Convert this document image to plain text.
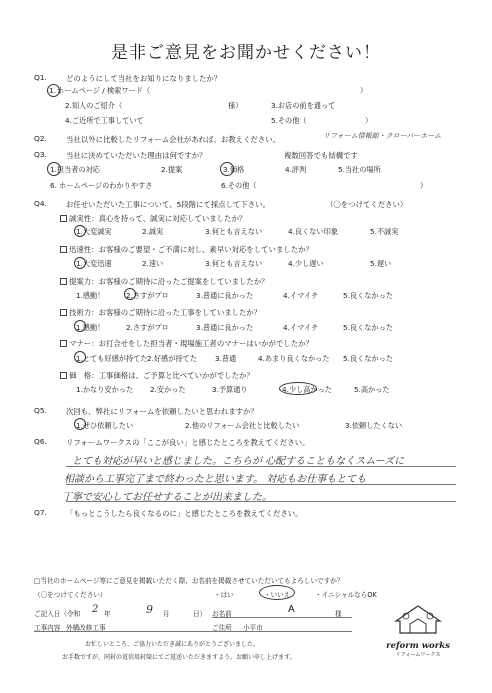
是非ご意見をお聞かせください！
Q1.	どのようにして当社をお知りになりましたか？
1. ホームページ / 検索ワード（	）
2.知人のご紹介（	様）	3.お店の前を通って
4.ご近所で工事していて	5.その他（	）
Q2.	当社以外に比較したリフォーム会社があれば、お教えください。	リフォーム情報館・クローバーホーム
Q3.	当社に決めていただいた理由は何ですか？	複数回答でも結構です
1.担当者の対応	2.提案	3.価格	4.評判	5.当社の場所
6. ホームページのわかりやすさ	6.その他（	）
Q4.	お任せいただいた工事について、5段階にて採点して下さい。	（〇をつけてください）
誠実性：真心を持って、誠実に対応していましたか？
1.大変誠実	2.誠実	3.何とも言えない	4.良くない印象	5.不誠実
迅速性：お客様のご要望・ご不満に対し、素早い対応をしていましたか？
1.大変迅速	2.速い	3.何とも言えない	4.少し遅い	5.遅い
提案力：お客様のご期待に沿ったご提案をしていましたか？
1.感動！	2.さすがプロ	3.普通に良かった	4.イマイチ	5.良くなかった
技術力：お客様のご期待に沿った工事をしていましたか？
1.感動！	2.さすがプロ	3.普通に良かった	4.イマイチ	5.良くなかった
マナー：お打合せをした担当者・現場施工者のマナーはいかがでしたか？
1.とても好感が持てた 2.好感が持てた	3.普通	4.あまり良くなかった 5.良くなかった
価　格：工事価格は、ご予算と比べていかがでしたか？
1.かなり安かった 2.安かった	3.予算通り	4.少し高かった	5.高かった
Q5.	次回も、弊社にリフォームを依頼したいと思われますか？
1.ぜひ依頼したい	2.他のリフォーム会社と比較したい	3.依頼したくない
Q6.	リフォームワークスの「ここが良い」と感じたところを教えてください。
とても対応が早いと感じました。こちらが 心配することもなくスムーズに
相談から工事完了まで終わったと思います。 対応もお仕事もとても
丁寧で安心してお任せすることが出来ました。
Q7.	「もっとこうしたら良くなるのに」と感じたところを教えてください。
□当社のホームページ等にご意見を掲載いただく際、お名前を掲載させていただいてもよろしいですか？
（〇をつけてください）	・はい	・いいえ	・イニシャルならOK
ご記入日（令和 2 年	9 月	日） お名前	A	様
工事内容 外構改修工事	ご住所 小平市
お忙しいところ、ご協力いただき誠にありがとうございました。
お手数ですが、同封の返信用封筒にてご返送いただきますよう、お願い申し上げます。
reform works
リフォームワークス
